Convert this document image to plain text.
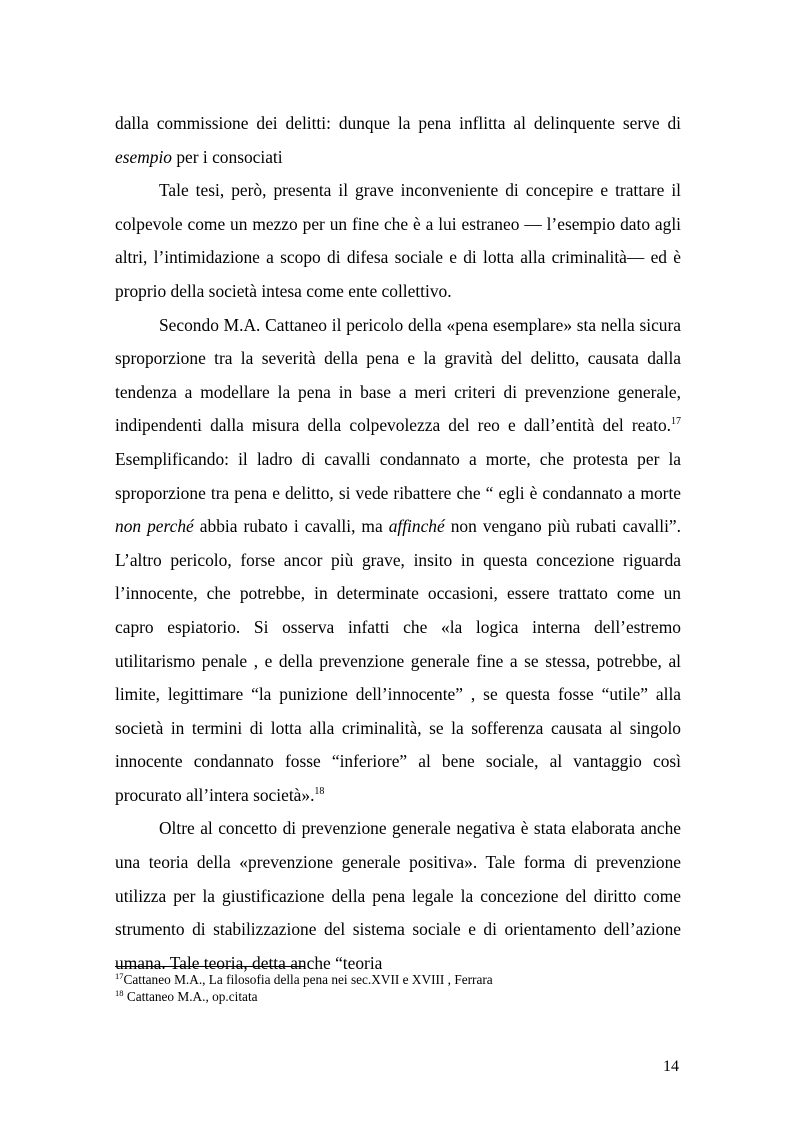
dalla commissione dei delitti: dunque la pena inflitta al delinquente serve di esempio per i consociati

Tale tesi, però, presenta il grave inconveniente di concepire e trattare il colpevole come un mezzo per un fine che è a lui estraneo — l’esempio dato agli altri, l’intimidazione a scopo di difesa sociale e di lotta alla criminalità— ed è proprio della società intesa come ente collettivo.

Secondo M.A. Cattaneo il pericolo della «pena esemplare» sta nella sicura sproporzione tra la severità della pena e la gravità del delitto, causata dalla tendenza a modellare la pena in base a meri criteri di prevenzione generale, indipendenti dalla misura della colpevolezza del reo e dall’entità del reato.$^{17}$ Esemplificando: il ladro di cavalli condannato a morte, che protesta per la sproporzione tra pena e delitto, si vede ribattere che “ egli è condannato a morte non perché abbia rubato i cavalli, ma affinché non vengano più rubati cavalli”. L’altro pericolo, forse ancor più grave, insito in questa concezione riguarda l’innocente, che potrebbe, in determinate occasioni, essere trattato come un capro espiatorio. Si osserva infatti che «la logica interna dell’estremo utilitarismo penale , e della prevenzione generale fine a se stessa, potrebbe, al limite, legittimare “la punizione dell’innocente” , se questa fosse “utile” alla società in termini di lotta alla criminalità, se la sofferenza causata al singolo innocente condannato fosse “inferiore” al bene sociale, al vantaggio così procurato all’intera società».$^{18}$

Oltre al concetto di prevenzione generale negativa è stata elaborata anche una teoria della «prevenzione generale positiva». Tale forma di prevenzione utilizza per la giustificazione della pena legale la concezione del diritto come strumento di stabilizzazione del sistema sociale e di orientamento dell’azione umana. Tale teoria, detta anche “teoria

$^{17}$Cattaneo M.A., La filosofia della pena nei sec.XVII e XVIII , Ferrara
$^{18}$ Cattaneo M.A., op.citata
14
